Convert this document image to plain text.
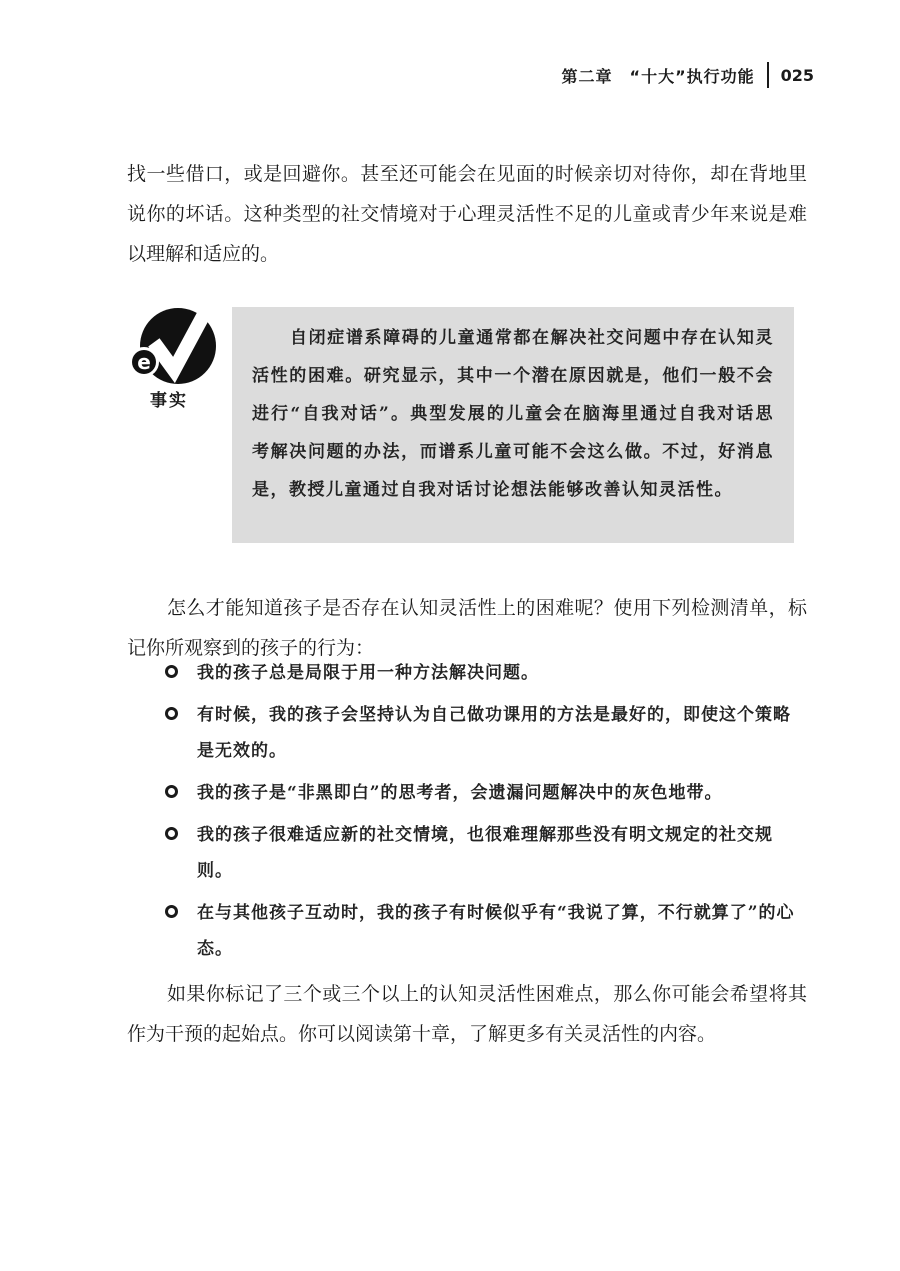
第二章　“十大”执行功能 025

找一些借口，或是回避你。甚至还可能会在见面的时候亲切对待你，却在背地里说你的坏话。这种类型的社交情境对于心理灵活性不足的儿童或青少年来说是难以理解和适应的。

e
事实

自闭症谱系障碍的儿童通常都在解决社交问题中存在认知灵活性的困难。研究显示，其中一个潜在原因就是，他们一般不会进行“自我对话”。典型发展的儿童会在脑海里通过自我对话思考解决问题的办法，而谱系儿童可能不会这么做。不过，好消息是，教授儿童通过自我对话讨论想法能够改善认知灵活性。

怎么才能知道孩子是否存在认知灵活性上的困难呢？使用下列检测清单，标记你所观察到的孩子的行为：

我的孩子总是局限于用一种方法解决问题。
有时候，我的孩子会坚持认为自己做功课用的方法是最好的，即使这个策略是无效的。
我的孩子是“非黑即白”的思考者，会遗漏问题解决中的灰色地带。
我的孩子很难适应新的社交情境，也很难理解那些没有明文规定的社交规则。
在与其他孩子互动时，我的孩子有时候似乎有“我说了算，不行就算了”的心态。

如果你标记了三个或三个以上的认知灵活性困难点，那么你可能会希望将其作为干预的起始点。你可以阅读第十章，了解更多有关灵活性的内容。
